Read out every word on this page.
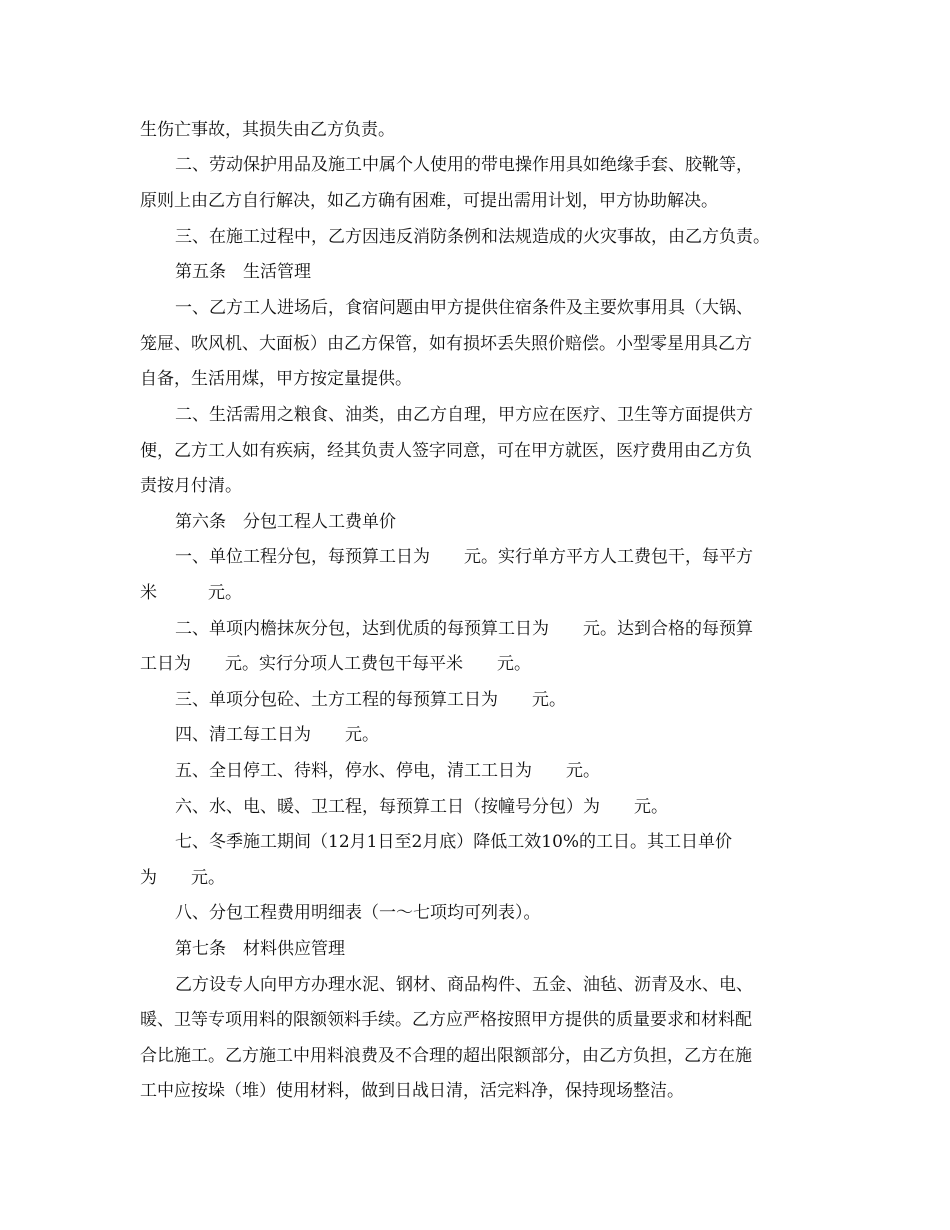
生伤亡事故，其损失由乙方负责。
二、劳动保护用品及施工中属个人使用的带电操作用具如绝缘手套、胶靴等，
原则上由乙方自行解决，如乙方确有困难，可提出需用计划，甲方协助解决。
三、在施工过程中，乙方因违反消防条例和法规造成的火灾事故，由乙方负责。
第五条　生活管理
一、乙方工人进场后，食宿问题由甲方提供住宿条件及主要炊事用具（大锅、
笼屉、吹风机、大面板）由乙方保管，如有损坏丢失照价赔偿。小型零星用具乙方
自备，生活用煤，甲方按定量提供。
二、生活需用之粮食、油类，由乙方自理，甲方应在医疗、卫生等方面提供方
便，乙方工人如有疾病，经其负责人签字同意，可在甲方就医，医疗费用由乙方负
责按月付清。
第六条　分包工程人工费单价
一、单位工程分包，每预算工日为　　元。实行单方平方人工费包干，每平方
米　　　元。
二、单项内檐抹灰分包，达到优质的每预算工日为　　元。达到合格的每预算
工日为　　元。实行分项人工费包干每平米　　元。
三、单项分包砼、土方工程的每预算工日为　　元。
四、清工每工日为　　元。
五、全日停工、待料，停水、停电，清工工日为　　元。
六、水、电、暖、卫工程，每预算工日（按幢号分包）为　　元。
七、冬季施工期间（12月1日至2月底）降低工效10%的工日。其工日单价
为　　元。
八、分包工程费用明细表（一～七项均可列表）。
第七条　材料供应管理
乙方设专人向甲方办理水泥、钢材、商品构件、五金、油毡、沥青及水、电、
暖、卫等专项用料的限额领料手续。乙方应严格按照甲方提供的质量要求和材料配
合比施工。乙方施工中用料浪费及不合理的超出限额部分，由乙方负担，乙方在施
工中应按垛（堆）使用材料，做到日战日清，活完料净，保持现场整洁。
